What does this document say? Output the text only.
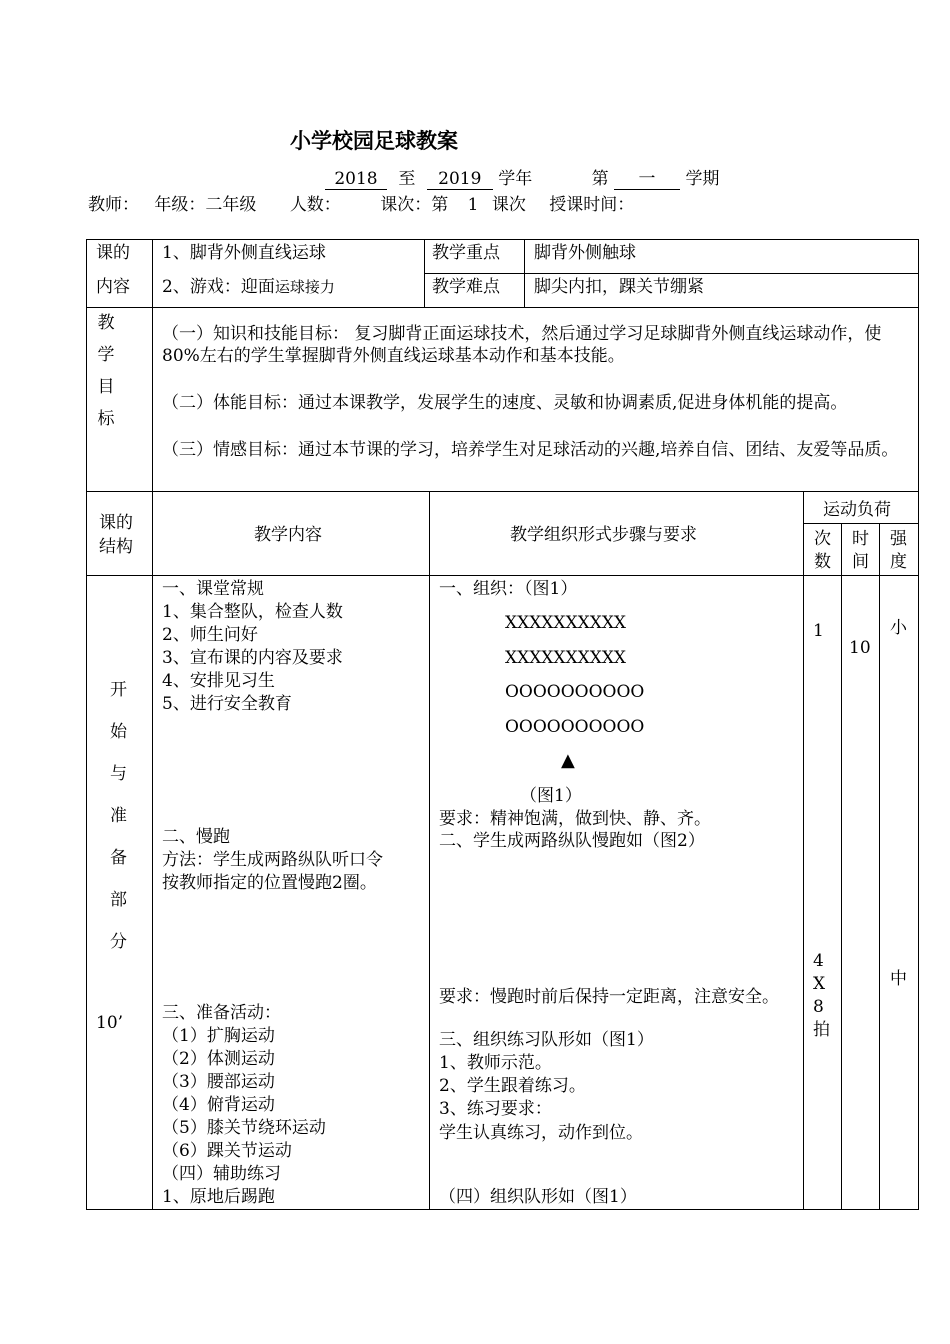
小学校园足球教案
2018 至 2019 学年	第 一 学期
教师： 年级：二年级 人数： 课次：第 1 课次 授课时间：
课的
内容
1、脚背外侧直线运球
2、游戏：迎面运球接力
教学重点 脚背外侧触球
教学难点 脚尖内扣，踝关节绷紧
教
学
目
标
（一）知识和技能目标： 复习脚背正面运球技术，然后通过学习足球脚背外侧直线运球动作，使80%左右的学生掌握脚背外侧直线运球基本动作和基本技能。
（二）体能目标：通过本课教学，发展学生的速度、灵敏和协调素质,促进身体机能的提高。
（三）情感目标：通过本节课的学习，培养学生对足球活动的兴趣,培养自信、团结、友爱等品质。
课的
结构
教学内容	教学组织形式步骤与要求
运动负荷
次
数
时
间
强
度
开
始
与
准
备
部
分
10’
一、课堂常规
1、集合整队，检查人数
2、师生问好
3、宣布课的内容及要求
4、安排见习生
5、进行安全教育
二、慢跑
方法：学生成两路纵队听口令
按教师指定的位置慢跑2圈。
三、准备活动：
（1）扩胸运动
（2）体测运动
（3）腰部运动
（4）俯背运动
（5）膝关节绕环运动
（6）踝关节运动
（四）辅助练习
1、原地后踢跑
一、组织：（图1）
XXXXXXXXXX
XXXXXXXXXX
OOOOOOOOOO
OOOOOOOOOO
▲
（图1）
要求：精神饱满，做到快、静、齐。
二、学生成两路纵队慢跑如（图2）
要求：慢跑时前后保持一定距离，注意安全。
三、组织练习队形如（图1）
1、教师示范。
2、学生跟着练习。
3、练习要求：
学生认真练习，动作到位。
（四）组织队形如（图1）
1
10
小
4
X
8
拍
中
